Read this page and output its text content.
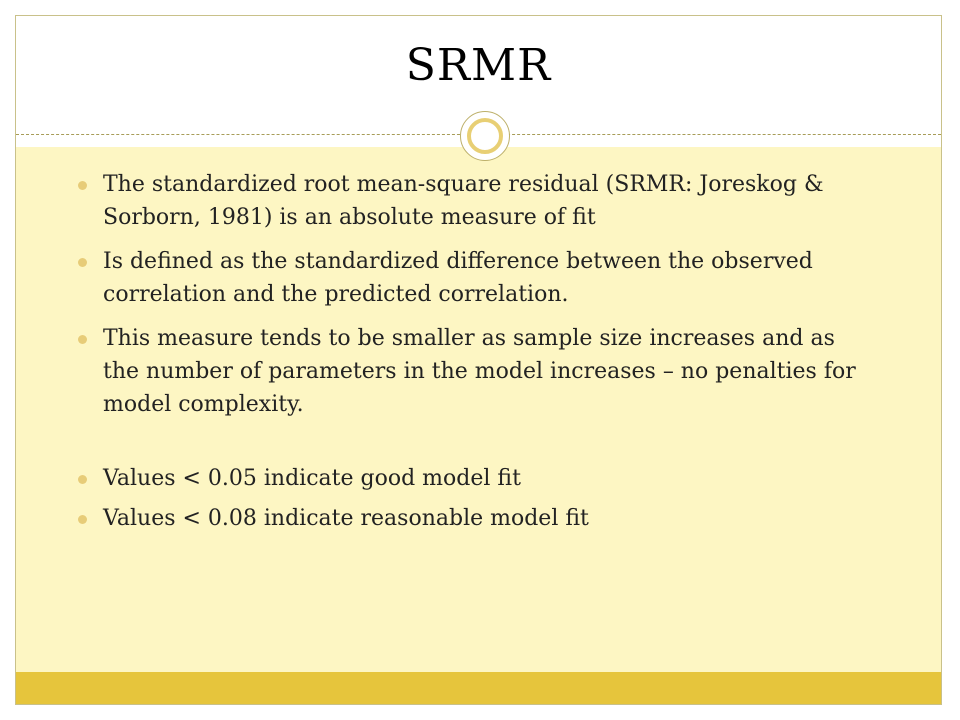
SRMR
The standardized root mean-square residual (SRMR: Joreskog & Sorborn, 1981) is an absolute measure of fit
Is defined as the standardized difference between the observed correlation and the predicted correlation.
This measure tends to be smaller as sample size increases and as the number of parameters in the model increases – no penalties for model complexity.
Values < 0.05 indicate good model fit
Values < 0.08 indicate reasonable model fit
